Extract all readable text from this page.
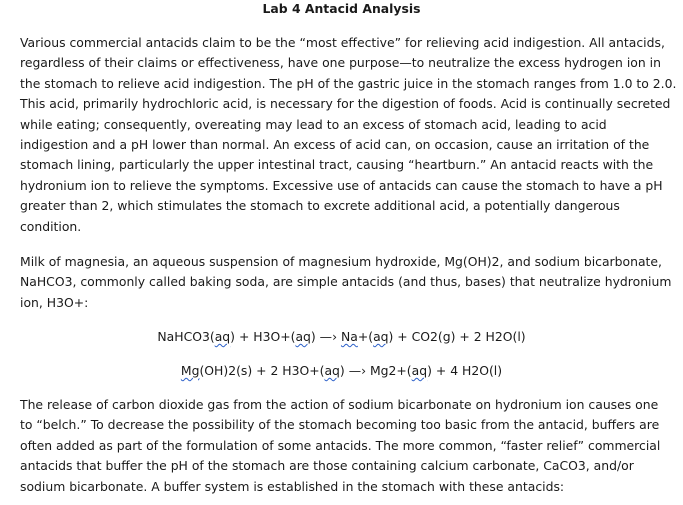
Lab 4 Antacid Analysis

Various commercial antacids claim to be the “most effective” for relieving acid indigestion. All antacids,
regardless of their claims or effectiveness, have one purpose—to neutralize the excess hydrogen ion in
the stomach to relieve acid indigestion. The pH of the gastric juice in the stomach ranges from 1.0 to 2.0.
This acid, primarily hydrochloric acid, is necessary for the digestion of foods. Acid is continually secreted
while eating; consequently, overeating may lead to an excess of stomach acid, leading to acid
indigestion and a pH lower than normal. An excess of acid can, on occasion, cause an irritation of the
stomach lining, particularly the upper intestinal tract, causing “heartburn.” An antacid reacts with the
hydronium ion to relieve the symptoms. Excessive use of antacids can cause the stomach to have a pH
greater than 2, which stimulates the stomach to excrete additional acid, a potentially dangerous
condition.

Milk of magnesia, an aqueous suspension of magnesium hydroxide, Mg(OH)2, and sodium bicarbonate,
NaHCO3, commonly called baking soda, are simple antacids (and thus, bases) that neutralize hydronium
ion, H3O+:

NaHCO3(aq) + H3O+(aq) —› Na+(aq) + CO2(g) + 2 H2O(l)
Mg(OH)2(s) + 2 H3O+(aq) —› Mg2+(aq) + 4 H2O(l)

The release of carbon dioxide gas from the action of sodium bicarbonate on hydronium ion causes one
to “belch.” To decrease the possibility of the stomach becoming too basic from the antacid, buffers are
often added as part of the formulation of some antacids. The more common, “faster relief” commercial
antacids that buffer the pH of the stomach are those containing calcium carbonate, CaCO3, and/or
sodium bicarbonate. A buffer system is established in the stomach with these antacids:
